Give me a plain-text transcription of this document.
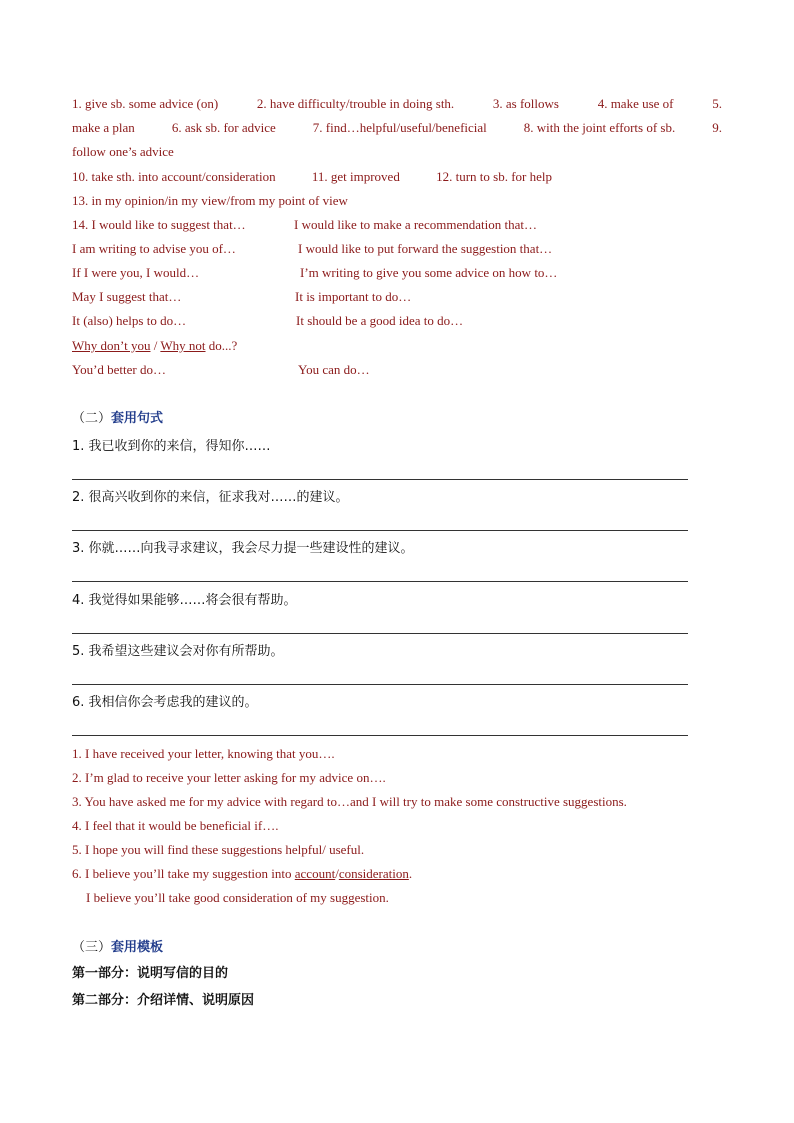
1. give sb. some advice (on)	2. have difficulty/trouble in doing sth.	3. as follows	4. make use of	5.
make a plan	6. ask sb. for advice	7. find…helpful/useful/beneficial	8. with the joint efforts of sb.	9.
follow one’s advice
10. take sth. into account/consideration	11. get improved	12. turn to sb. for help
13. in my opinion/in my view/from my point of view
14. I would like to suggest that…	I would like to make a recommendation that…
I am writing to advise you of…	I would like to put forward the suggestion that…
If I were you, I would…	I’m writing to give you some advice on how to…
May I suggest that…	It is important to do…
It (also) helps to do…	It should be a good idea to do…
Why don’t you / Why not do...?
You’d better do…	You can do…
（二）套用句式
1. 我已收到你的来信，得知你……
2. 很高兴收到你的来信，征求我对……的建议。
3. 你就……向我寻求建议，我会尽力提一些建设性的建议。
4. 我觉得如果能够……将会很有帮助。
5. 我希望这些建议会对你有所帮助。
6. 我相信你会考虑我的建议的。
1. I have received your letter, knowing that you….
2. I’m glad to receive your letter asking for my advice on….
3. You have asked me for my advice with regard to…and I will try to make some constructive suggestions.
4. I feel that it would be beneficial if….
5. I hope you will find these suggestions helpful/ useful.
6. I believe you’ll take my suggestion into account/consideration.
I believe you’ll take good consideration of my suggestion.
（三）套用模板
第一部分：说明写信的目的
第二部分：介绍详情、说明原因
